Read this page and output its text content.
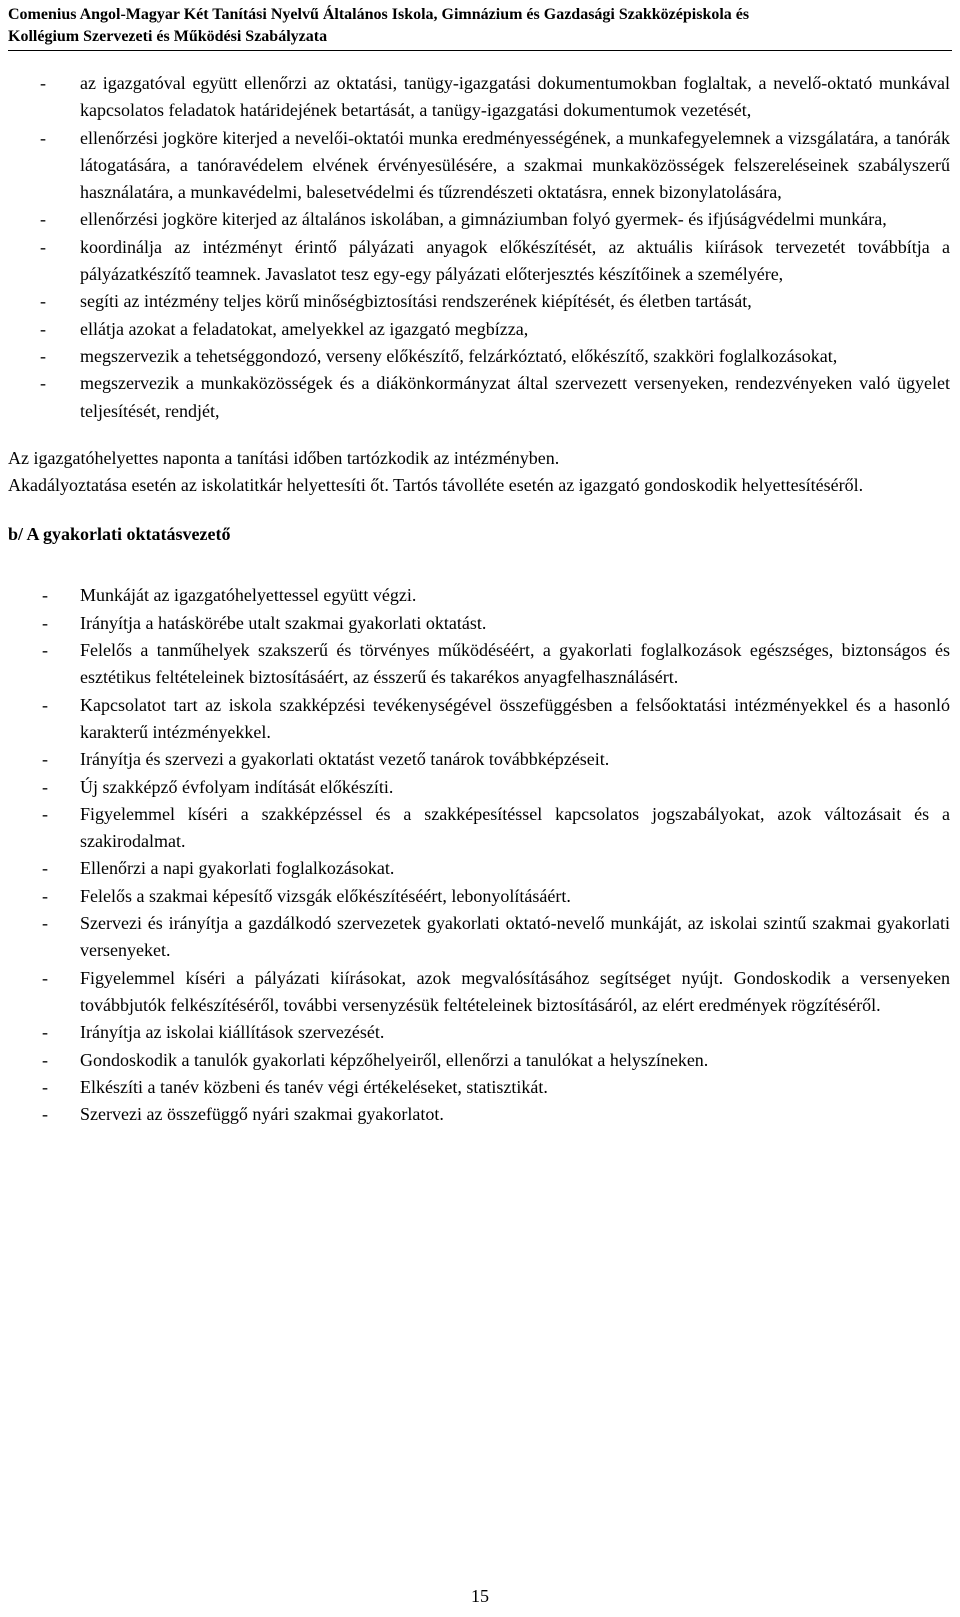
Comenius Angol-Magyar Két Tanítási Nyelvű Általános Iskola, Gimnázium és Gazdasági Szakközépiskola és
Kollégium Szervezeti és Működési Szabályzata
- az igazgatóval együtt ellenőrzi az oktatási, tanügy-igazgatási dokumentumokban foglaltak, a nevelő-oktató munkával kapcsolatos feladatok határidejének betartását, a tanügy-igazgatási dokumentumok vezetését,
- ellenőrzési jogköre kiterjed a nevelői-oktatói munka eredményességének, a munkafegyelemnek a vizsgálatára, a tanórák látogatására, a tanóravédelem elvének érvényesülésére, a szakmai munkaközösségek felszereléseinek szabályszerű használatára, a munkavédelmi, balesetvédelmi és tűzrendészeti oktatásra, ennek bizonylatolására,
- ellenőrzési jogköre kiterjed az általános iskolában, a gimnáziumban folyó gyermek- és ifjúságvédelmi munkára,
- koordinálja az intézményt érintő pályázati anyagok előkészítését, az aktuális kiírások tervezetét továbbítja a pályázatkészítő teamnek. Javaslatot tesz egy-egy pályázati előterjesztés készítőinek a személyére,
- segíti az intézmény teljes körű minőségbiztosítási rendszerének kiépítését, és életben tartását,
- ellátja azokat a feladatokat, amelyekkel az igazgató megbízza,
- megszervezik a tehetséggondozó, verseny előkészítő, felzárkóztató, előkészítő, szakköri foglalkozásokat,
- megszervezik a munkaközösségek és a diákönkormányzat által szervezett versenyeken, rendezvényeken való ügyelet teljesítését, rendjét,
Az igazgatóhelyettes naponta a tanítási időben tartózkodik az intézményben.
Akadályoztatása esetén az iskolatitkár helyettesíti őt. Tartós távolléte esetén az igazgató gondoskodik helyettesítéséről.
b/ A gyakorlati oktatásvezető
- Munkáját az igazgatóhelyettessel együtt végzi.
- Irányítja a hatáskörébe utalt szakmai gyakorlati oktatást.
- Felelős a tanműhelyek szakszerű és törvényes működéséért, a gyakorlati foglalkozások egészséges, biztonságos és esztétikus feltételeinek biztosításáért, az ésszerű és takarékos anyagfelhasználásért.
- Kapcsolatot tart az iskola szakképzési tevékenységével összefüggésben a felsőoktatási intézményekkel és a hasonló karakterű intézményekkel.
- Irányítja és szervezi a gyakorlati oktatást vezető tanárok továbbképzéseit.
- Új szakképző évfolyam indítását előkészíti.
- Figyelemmel kíséri a szakképzéssel és a szakképesítéssel kapcsolatos jogszabályokat, azok változásait és a szakirodalmat.
- Ellenőrzi a napi gyakorlati foglalkozásokat.
- Felelős a szakmai képesítő vizsgák előkészítéséért, lebonyolításáért.
- Szervezi és irányítja a gazdálkodó szervezetek gyakorlati oktató-nevelő munkáját, az iskolai szintű szakmai gyakorlati versenyeket.
- Figyelemmel kíséri a pályázati kiírásokat, azok megvalósításához segítséget nyújt. Gondoskodik a versenyeken továbbjutók felkészítéséről, további versenyzésük feltételeinek biztosításáról, az elért eredmények rögzítéséről.
- Irányítja az iskolai kiállítások szervezését.
- Gondoskodik a tanulók gyakorlati képzőhelyeiről, ellenőrzi a tanulókat a helyszíneken.
- Elkészíti a tanév közbeni és tanév végi értékeléseket, statisztikát.
- Szervezi az összefüggő nyári szakmai gyakorlatot.
15
